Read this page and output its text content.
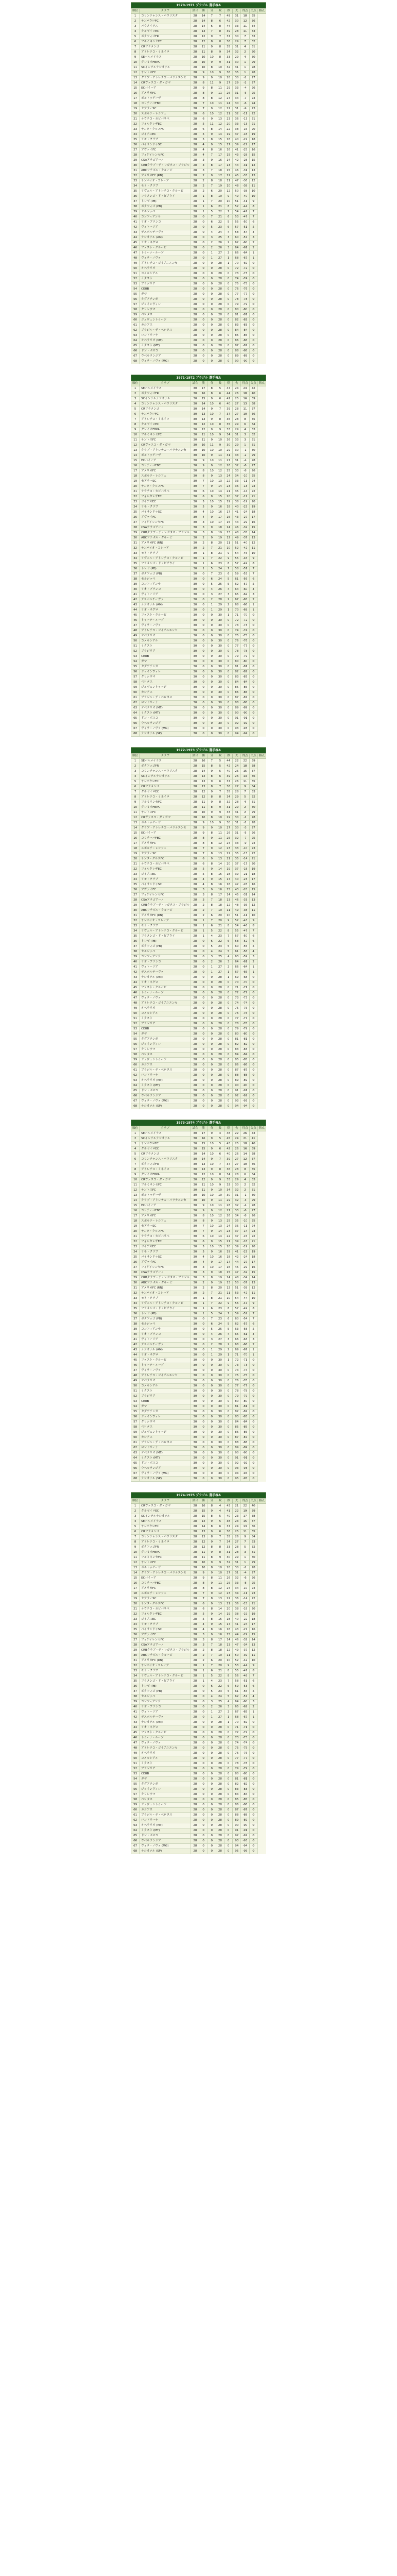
1970-1971 ブラジル 選手権A
順位	クラブ	試合	勝	分	敗	得	失	得点	失点	勝点
1	コリンチャンス・パウリスタ	28	14	7	7	49	31	18	35	
2	サンパウロFC	28	14	8	6	42	30	12	36	
3	パウメイラス	28	14	6	8	44	33	11	34	
4	クルゼイロEC	28	13	7	8	39	28	11	33	
5	ボタフォゴFR	28	12	9	7	37	30	7	33	
6	フルミネンセFC	28	12	8	8	36	29	7	32	
7	CRフラメンゴ	28	11	9	8	35	31	4	31	
8	アトレチコ・ミネイロ	28	11	8	9	34	32	2	30	
9	SEパルメイラス	28	10	10	8	33	29	4	30	
10	グレミオFBPA	28	10	9	9	31	30	1	29	
11	SCインテルナシオナル	28	10	8	10	32	31	1	28	
12	サントスFC	28	9	10	9	36	35	1	28	
13	クラブ・アトレチコ・パラナエンセ	28	9	9	10	28	30	-2	27	
14	CRヴァスコ・ダ・ガマ	28	8	11	9	27	29	-2	27	
15	ECバイーア	28	9	8	11	29	33	-4	26	
16	アメリカFC	28	8	9	11	26	31	-5	25	
17	ポルトゥゲーザ	28	8	8	12	27	34	-7	24	
18	コリチーバFBC	28	7	10	11	24	30	-6	24	
19	セアラーSC	28	7	9	12	22	31	-9	23	
20	スポルチ・レシフェ	28	6	10	12	21	32	-11	22	
21	ナウチコ・カピバリベ	28	6	9	13	23	36	-13	21	
22	フォルタレザEC	28	5	11	12	20	33	-13	21	
23	サンタ・クルスFC	28	6	8	14	22	38	-16	20	
24	ゴイアスEC	28	5	9	14	19	37	-18	19	
25	リモ・クラブ	28	5	8	15	18	40	-22	18	
26	パイサンドゥSC	28	4	9	15	17	39	-22	17	
27	アヴァイFC	28	4	8	16	16	41	-25	16	
28	フィゲイレンセFC	28	4	7	17	15	43	-28	15	
29	CSAアラゴアーノ	28	3	9	16	14	42	-28	15	
30	CRBクラブ・デ・レガタス・ブラジル	28	3	8	17	13	44	-31	14	
31	ABCフチボル・クルービ	28	3	7	18	15	46	-31	13	
32	アメリカFC (RN)	28	2	9	17	12	45	-33	13	
33	サンパイオ・コレーア	28	2	8	18	11	47	-36	12	
34	モト・クラブ	28	2	7	19	10	48	-38	11	
35	リヴェル・アトレチコ・クルービ	28	2	6	20	12	50	-38	10	
36	フラメンゴ・ド・ピアウイ	28	1	8	19	9	49	-40	10	
37	トレゼ (PB)	28	1	7	20	10	51	-41	9	
38	ボタフォゴ (PB)	28	1	6	21	8	52	-44	8	
39	セルジッペ	28	1	5	22	7	54	-47	7	
40	コンフィアンサ	28	0	7	21	6	53	-47	7	
41	リオ・ブランコ	28	0	6	22	5	55	-50	6	
42	ヴィトーリア	28	0	5	23	6	57	-51	5	
43	デスポルチーヴァ	28	0	4	24	4	58	-54	4	
44	ナシオナル (AM)	28	0	3	25	3	60	-57	3	
45	リオ・ネグロ	28	0	2	26	2	62	-60	2	
46	ファスト・クルービ	28	0	2	26	3	64	-61	2	
47	トゥーナ・ルーゾ	28	0	1	27	2	66	-64	1	
48	ヴィラ・ノヴァ	28	0	1	27	1	68	-67	1	
49	アトレチコ・ゴイアニエンセ	28	0	0	28	1	70	-69	0	
50	オペラリオ	28	0	0	28	0	72	-72	0	
51	コメルシアル	28	0	0	28	0	73	-73	0	
52	ミクスト	28	0	0	28	0	74	-74	0	
53	ブラジリア	28	0	0	28	0	75	-75	0	
54	CEUB	28	0	0	28	0	76	-76	0	
55	ガマ	28	0	0	28	0	77	-77	0	
56	タグアチンガ	28	0	0	28	0	78	-78	0	
57	ジョインヴィレ	28	0	0	28	0	79	-79	0	
58	クリシウマ	28	0	0	28	0	80	-80	0	
59	ペロタス	28	0	0	28	0	81	-81	0	
60	ジュヴェントゥージ	28	0	0	28	0	82	-82	0	
61	カシアス	28	0	0	28	0	83	-83	0	
62	ブラジル・デ・ペロタス	28	0	0	28	0	84	-84	0	
63	ロンドリーナ	28	0	0	28	0	85	-85	0	
64	オペラリオ (MT)	28	0	0	28	0	86	-86	0	
65	ミクスト (MT)	28	0	0	28	0	87	-87	0	
66	ドン・ボスコ	28	0	0	28	0	88	-88	0	
67	ウベルランジア	28	0	0	28	0	89	-89	0	
68	ヴィラ・ノヴァ (MG)	28	0	0	28	0	90	-90	0	
1971-1972 ブラジル 選手権A
順位	クラブ	試合	勝	分	敗	得	失	得点	失点	勝点
1	SEパルメイラス	30	17	8	5	47	24	23	42	
2	ボタフォゴFR	30	16	8	6	44	26	18	40	
3	SCインテルナシオナル	30	15	9	6	41	25	16	39	
4	コリンチャンス・パウリスタ	30	14	10	6	40	27	13	38	
5	CRフラメンゴ	30	14	9	7	39	28	11	37	
6	サンパウロFC	30	13	10	7	37	27	10	36	
7	アトレチコ・ミネイロ	30	13	9	8	36	28	8	35	
8	クルゼイロEC	30	12	10	8	35	29	6	34	
9	グレミオFBPA	30	12	9	9	33	29	4	33	
10	フルミネンセFC	30	11	10	9	34	31	3	32	
11	サントスFC	30	11	9	10	36	33	3	31	
12	CRヴァスコ・ダ・ガマ	30	10	11	9	30	29	1	31	
13	クラブ・アトレチコ・パラナエンセ	30	10	10	10	29	30	-1	30	
14	ポルトゥゲーザ	30	10	9	11	31	33	-2	29	
15	ECバイーア	30	9	10	11	27	31	-4	28	
16	コリチーバFBC	30	9	9	12	26	32	-6	27	
17	アメリカFC	30	8	10	12	25	33	-8	26	
18	スポルチ・レシフェ	30	8	9	13	24	34	-10	25	
19	セアラーSC	30	7	10	13	22	33	-11	24	
20	サンタ・クルスFC	30	7	9	14	23	36	-13	23	
21	ナウチコ・カピバリベ	30	6	10	14	21	35	-14	22	
22	フォルタレザEC	30	6	9	15	20	37	-17	21	
23	ゴイアスEC	30	5	10	15	19	38	-19	20	
24	リモ・クラブ	30	5	9	16	18	40	-22	19	
25	パイサンドゥSC	30	4	10	16	17	41	-24	18	
26	アヴァイFC	30	4	9	17	16	43	-27	17	
27	フィゲイレンセFC	30	3	10	17	15	44	-29	16	
28	CSAアラゴアーノ	30	3	9	18	14	46	-32	15	
29	CRBクラブ・デ・レガタス・ブラジル	30	3	8	19	13	48	-35	14	
30	ABCフチボル・クルービ	30	2	9	19	12	49	-37	13	
31	アメリカFC (RN)	30	2	8	20	11	51	-40	12	
32	サンパイオ・コレーア	30	2	7	21	10	52	-42	11	
33	モト・クラブ	30	1	8	21	9	54	-45	10	
34	リヴェル・アトレチコ・クルービ	30	1	7	22	9	55	-46	9	
35	フラメンゴ・ド・ピアウイ	30	1	6	23	8	57	-49	8	
36	トレゼ (PB)	30	1	5	24	7	58	-51	7	
37	ボタフォゴ (PB)	30	0	7	23	6	59	-53	7	
38	セルジッペ	30	0	6	24	5	61	-56	6	
39	コンフィアンサ	30	0	5	25	5	62	-57	5	
40	リオ・ブランコ	30	0	4	26	4	64	-60	4	
41	ヴィトーリア	30	0	3	27	3	65	-62	3	
42	デスポルチーヴァ	30	0	2	28	2	67	-65	2	
43	ナシオナル (AM)	30	0	1	29	2	68	-66	1	
44	リオ・ネグロ	30	0	1	29	1	70	-69	1	
45	ファスト・クルービ	30	0	0	30	1	71	-70	0	
46	トゥーナ・ルーゾ	30	0	0	30	0	72	-72	0	
47	ヴィラ・ノヴァ	30	0	0	30	0	73	-73	0	
48	アトレチコ・ゴイアニエンセ	30	0	0	30	0	74	-74	0	
49	オペラリオ	30	0	0	30	0	75	-75	0	
50	コメルシアル	30	0	0	30	0	76	-76	0	
51	ミクスト	30	0	0	30	0	77	-77	0	
52	ブラジリア	30	0	0	30	0	78	-78	0	
53	CEUB	30	0	0	30	0	79	-79	0	
54	ガマ	30	0	0	30	0	80	-80	0	
55	タグアチンガ	30	0	0	30	0	81	-81	0	
56	ジョインヴィレ	30	0	0	30	0	82	-82	0	
57	クリシウマ	30	0	0	30	0	83	-83	0	
58	ペロタス	30	0	0	30	0	84	-84	0	
59	ジュヴェントゥージ	30	0	0	30	0	85	-85	0	
60	カシアス	30	0	0	30	0	86	-86	0	
61	ブラジル・デ・ペロタス	30	0	0	30	0	87	-87	0	
62	ロンドリーナ	30	0	0	30	0	88	-88	0	
63	オペラリオ (MT)	30	0	0	30	0	89	-89	0	
64	ミクスト (MT)	30	0	0	30	0	90	-90	0	
65	ドン・ボスコ	30	0	0	30	0	91	-91	0	
66	ウベルランジア	30	0	0	30	0	92	-92	0	
67	ヴィラ・ノヴァ (MG)	30	0	0	30	0	93	-93	0	
68	ナシオナル (SP)	30	0	0	30	0	94	-94	0	
1972-1973 ブラジル 選手権A
順位	クラブ	試合	勝	分	敗	得	失	得点	失点	勝点
1	SEパルメイラス	28	16	7	5	44	22	22	39	
2	ボタフォゴFR	28	15	8	5	42	24	18	38	
3	コリンチャンス・パウリスタ	28	14	9	5	40	25	15	37	
4	SCインテルナシオナル	28	14	8	6	39	26	13	36	
5	サンパウロFC	28	13	9	6	37	26	11	35	
6	CRフラメンゴ	28	13	8	7	36	27	9	34	
7	クルゼイロEC	28	12	9	7	35	28	7	33	
8	アトレチコ・ミネイロ	28	12	8	8	34	29	5	32	
9	フルミネンセFC	28	11	9	8	32	28	4	31	
10	グレミオFBPA	28	11	8	9	31	29	2	30	
11	サントスFC	28	10	9	9	33	31	2	29	
12	CRヴァスコ・ダ・ガマ	28	10	8	10	29	30	-1	28	
13	ポルトゥゲーザ	28	9	10	9	30	31	-1	28	
14	クラブ・アトレチコ・パラナエンセ	28	9	9	10	27	30	-3	27	
15	ECバイーア	28	9	8	11	26	31	-5	26	
16	コリチーバFBC	28	8	9	11	25	32	-7	25	
17	アメリカFC	28	8	8	12	24	33	-9	24	
18	スポルチ・レシフェ	28	7	9	12	23	33	-10	23	
19	セアラーSC	28	7	8	13	22	35	-13	22	
20	サンタ・クルスFC	28	6	9	13	21	35	-14	21	
21	ナウチコ・カピバリベ	28	6	8	14	20	37	-17	20	
22	フォルタレザEC	28	5	9	14	19	37	-18	19	
23	ゴイアスEC	28	5	8	15	18	39	-21	18	
24	リモ・クラブ	28	4	9	15	17	40	-23	17	
25	パイサンドゥSC	28	4	8	16	16	42	-26	16	
26	アヴァイFC	28	3	9	16	15	43	-28	15	
27	フィゲイレンセFC	28	3	8	17	14	45	-31	14	
28	CSAアラゴアーノ	28	3	7	18	13	46	-33	13	
29	CRBクラブ・デ・レガタス・ブラジル	28	2	8	18	12	48	-36	12	
30	ABCフチボル・クルービ	28	2	7	19	11	49	-38	11	
31	アメリカFC (RN)	28	2	6	20	10	51	-41	10	
32	サンパイオ・コレーア	28	1	7	20	9	52	-43	9	
33	モト・クラブ	28	1	6	21	8	54	-46	8	
34	リヴェル・アトレチコ・クルービ	28	1	5	22	8	55	-47	7	
35	フラメンゴ・ド・ピアウイ	28	1	4	23	7	57	-50	6	
36	トレゼ (PB)	28	0	6	22	6	58	-52	6	
37	ボタフォゴ (PB)	28	0	5	23	5	60	-55	5	
38	セルジッペ	28	0	4	24	5	61	-56	4	
39	コンフィアンサ	28	0	3	25	4	63	-59	3	
40	リオ・ブランコ	28	0	2	26	3	64	-61	2	
41	ヴィトーリア	28	0	1	27	2	66	-64	1	
42	デスポルチーヴァ	28	0	1	27	1	67	-66	1	
43	ナシオナル (AM)	28	0	0	28	1	69	-68	0	
44	リオ・ネグロ	28	0	0	28	0	70	-70	0	
45	ファスト・クルービ	28	0	0	28	0	71	-71	0	
46	トゥーナ・ルーゾ	28	0	0	28	0	72	-72	0	
47	ヴィラ・ノヴァ	28	0	0	28	0	73	-73	0	
48	アトレチコ・ゴイアニエンセ	28	0	0	28	0	74	-74	0	
49	オペラリオ	28	0	0	28	0	75	-75	0	
50	コメルシアル	28	0	0	28	0	76	-76	0	
51	ミクスト	28	0	0	28	0	77	-77	0	
52	ブラジリア	28	0	0	28	0	78	-78	0	
53	CEUB	28	0	0	28	0	79	-79	0	
54	ガマ	28	0	0	28	0	80	-80	0	
55	タグアチンガ	28	0	0	28	0	81	-81	0	
56	ジョインヴィレ	28	0	0	28	0	82	-82	0	
57	クリシウマ	28	0	0	28	0	83	-83	0	
58	ペロタス	28	0	0	28	0	84	-84	0	
59	ジュヴェントゥージ	28	0	0	28	0	85	-85	0	
60	カシアス	28	0	0	28	0	86	-86	0	
61	ブラジル・デ・ペロタス	28	0	0	28	0	87	-87	0	
62	ロンドリーナ	28	0	0	28	0	88	-88	0	
63	オペラリオ (MT)	28	0	0	28	0	89	-89	0	
64	ミクスト (MT)	28	0	0	28	0	90	-90	0	
65	ドン・ボスコ	28	0	0	28	0	91	-91	0	
66	ウベルランジア	28	0	0	28	0	92	-92	0	
67	ヴィラ・ノヴァ (MG)	28	0	0	28	0	93	-93	0	
68	ナシオナル (SP)	28	0	0	28	0	94	-94	0	
1973-1974 ブラジル 選手権A
順位	クラブ	試合	勝	分	敗	得	失	得点	失点	勝点
1	SEパルメイラス	30	17	9	4	48	22	26	43	
2	SCインテルナシオナル	30	16	9	5	45	24	21	41	
3	サンパウロFC	30	15	10	5	43	25	18	40	
4	クルゼイロEC	30	15	9	6	42	26	16	39	
5	CRフラメンゴ	30	14	10	6	40	26	14	38	
6	コリンチャンス・パウリスタ	30	14	9	7	39	27	12	37	
7	ボタフォゴFR	30	13	10	7	37	27	10	36	
8	アトレチコ・ミネイロ	30	13	9	8	36	28	8	35	
9	グレミオFBPA	30	12	10	8	34	28	6	34	
10	CRヴァスコ・ダ・ガマ	30	12	9	9	33	29	4	33	
11	フルミネンセFC	30	11	10	9	32	30	2	32	
12	サントスFC	30	11	9	10	34	32	2	31	
13	ポルトゥゲーザ	30	10	10	10	30	31	-1	30	
14	クラブ・アトレチコ・パラナエンセ	30	10	9	11	29	32	-3	29	
15	ECバイーア	30	9	10	11	28	32	-4	28	
16	コリチーバFBC	30	9	9	12	27	33	-6	27	
17	アメリカFC	30	8	10	12	26	34	-8	26	
18	スポルチ・レシフェ	30	8	9	13	25	35	-10	25	
19	セアラーSC	30	7	10	13	24	35	-11	24	
20	サンタ・クルスFC	30	7	9	14	23	37	-14	23	
21	ナウチコ・カピバリベ	30	6	10	14	22	37	-15	22	
22	フォルタレザEC	30	6	9	15	21	39	-18	21	
23	ゴイアスEC	30	5	10	15	20	39	-19	20	
24	リモ・クラブ	30	5	9	16	19	41	-22	19	
25	パイサンドゥSC	30	4	10	16	18	42	-24	18	
26	アヴァイFC	30	4	9	17	17	44	-27	17	
27	フィゲイレンセFC	30	3	10	17	16	45	-29	16	
28	CSAアラゴアーノ	30	3	9	18	15	47	-32	15	
29	CRBクラブ・デ・レガタス・ブラジル	30	3	8	19	14	48	-34	14	
30	ABCフチボル・クルービ	30	2	9	19	13	50	-37	13	
31	アメリカFC (RN)	30	2	8	20	12	51	-39	12	
32	サンパイオ・コレーア	30	2	7	21	11	53	-42	11	
33	モト・クラブ	30	1	8	21	10	54	-44	10	
34	リヴェル・アトレチコ・クルービ	30	1	7	22	9	56	-47	9	
35	フラメンゴ・ド・ピアウイ	30	1	6	23	8	57	-49	8	
36	トレゼ (PB)	30	1	5	24	7	59	-52	7	
37	ボタフォゴ (PB)	30	0	7	23	6	60	-54	7	
38	セルジッペ	30	0	6	24	5	62	-57	6	
39	コンフィアンサ	30	0	5	25	5	63	-58	5	
40	リオ・ブランコ	30	0	4	26	4	65	-61	4	
41	ヴィトーリア	30	0	3	27	3	66	-63	3	
42	デスポルチーヴァ	30	0	2	28	2	68	-66	2	
43	ナシオナル (AM)	30	0	1	29	2	69	-67	1	
44	リオ・ネグロ	30	0	1	29	1	71	-70	1	
45	ファスト・クルービ	30	0	0	30	1	72	-71	0	
46	トゥーナ・ルーゾ	30	0	0	30	0	73	-73	0	
47	ヴィラ・ノヴァ	30	0	0	30	0	74	-74	0	
48	アトレチコ・ゴイアニエンセ	30	0	0	30	0	75	-75	0	
49	オペラリオ	30	0	0	30	0	76	-76	0	
50	コメルシアル	30	0	0	30	0	77	-77	0	
51	ミクスト	30	0	0	30	0	78	-78	0	
52	ブラジリア	30	0	0	30	0	79	-79	0	
53	CEUB	30	0	0	30	0	80	-80	0	
54	ガマ	30	0	0	30	0	81	-81	0	
55	タグアチンガ	30	0	0	30	0	82	-82	0	
56	ジョインヴィレ	30	0	0	30	0	83	-83	0	
57	クリシウマ	30	0	0	30	0	84	-84	0	
58	ペロタス	30	0	0	30	0	85	-85	0	
59	ジュヴェントゥージ	30	0	0	30	0	86	-86	0	
60	カシアス	30	0	0	30	0	87	-87	0	
61	ブラジル・デ・ペロタス	30	0	0	30	0	88	-88	0	
62	ロンドリーナ	30	0	0	30	0	89	-89	0	
63	オペラリオ (MT)	30	0	0	30	0	90	-90	0	
64	ミクスト (MT)	30	0	0	30	0	91	-91	0	
65	ドン・ボスコ	30	0	0	30	0	92	-92	0	
66	ウベルランジア	30	0	0	30	0	93	-93	0	
67	ヴィラ・ノヴァ (MG)	30	0	0	30	0	94	-94	0	
68	ナシオナル (SP)	30	0	0	30	0	95	-95	0	
1974-1975 ブラジル 選手権A
順位	クラブ	試合	勝	分	敗	得	失	得点	失点	勝点
1	CRヴァスコ・ダ・ガマ	28	16	8	4	43	21	22	40	
2	クルゼイロEC	28	15	9	4	41	22	19	39	
3	SCインテルナシオナル	28	15	8	5	40	23	17	38	
4	SEパルメイラス	28	14	9	5	38	23	15	37	
5	サンパウロFC	28	14	8	6	37	24	13	36	
6	CRフラメンゴ	28	13	9	6	36	25	11	35	
7	コリンチャンス・パウリスタ	28	13	8	7	35	26	9	34	
8	アトレチコ・ミネイロ	28	12	9	7	34	27	7	33	
9	ボタフォゴFR	28	12	8	8	33	28	5	32	
10	グレミオFBPA	28	11	9	8	31	28	3	31	
11	フルミネンセFC	28	11	8	9	30	29	1	30	
12	サントスFC	28	10	9	9	32	31	1	29	
13	ポルトゥゲーザ	28	10	8	10	28	30	-2	28	
14	クラブ・アトレチコ・パラナエンセ	28	9	9	10	27	31	-4	27	
15	ECバイーア	28	9	8	11	26	32	-6	26	
16	コリチーバFBC	28	8	9	11	25	33	-8	25	
17	アメリカFC	28	8	8	12	24	34	-10	24	
18	スポルチ・レシフェ	28	7	9	12	23	34	-11	23	
19	セアラーSC	28	7	8	13	22	36	-14	22	
20	サンタ・クルスFC	28	6	9	13	21	36	-15	21	
21	ナウチコ・カピバリベ	28	6	8	14	20	38	-18	20	
22	フォルタレザEC	28	5	9	14	19	38	-19	19	
23	ゴイアスEC	28	5	8	15	18	40	-22	18	
24	リモ・クラブ	28	4	9	15	17	41	-24	17	
25	パイサンドゥSC	28	4	8	16	16	43	-27	16	
26	アヴァイFC	28	3	9	16	15	44	-29	15	
27	フィゲイレンセFC	28	3	8	17	14	46	-32	14	
28	CSAアラゴアーノ	28	3	7	18	13	47	-34	13	
29	CRBクラブ・デ・レガタス・ブラジル	28	2	8	18	12	49	-37	12	
30	ABCフチボル・クルービ	28	2	7	19	11	50	-39	11	
31	アメリカFC (RN)	28	2	6	20	10	52	-42	10	
32	サンパイオ・コレーア	28	1	7	20	9	53	-44	9	
33	モト・クラブ	28	1	6	21	8	55	-47	8	
34	リヴェル・アトレチコ・クルービ	28	1	5	22	8	56	-48	7	
35	フラメンゴ・ド・ピアウイ	28	1	4	23	7	58	-51	6	
36	トレゼ (PB)	28	0	6	22	6	59	-53	6	
37	ボタフォゴ (PB)	28	0	5	23	5	61	-56	5	
38	セルジッペ	28	0	4	24	5	62	-57	4	
39	コンフィアンサ	28	0	3	25	4	64	-60	3	
40	リオ・ブランコ	28	0	2	26	3	65	-62	2	
41	ヴィトーリア	28	0	1	27	2	67	-65	1	
42	デスポルチーヴァ	28	0	1	27	1	68	-67	1	
43	ナシオナル (AM)	28	0	0	28	1	70	-69	0	
44	リオ・ネグロ	28	0	0	28	0	71	-71	0	
45	ファスト・クルービ	28	0	0	28	0	72	-72	0	
46	トゥーナ・ルーゾ	28	0	0	28	0	73	-73	0	
47	ヴィラ・ノヴァ	28	0	0	28	0	74	-74	0	
48	アトレチコ・ゴイアニエンセ	28	0	0	28	0	75	-75	0	
49	オペラリオ	28	0	0	28	0	76	-76	0	
50	コメルシアル	28	0	0	28	0	77	-77	0	
51	ミクスト	28	0	0	28	0	78	-78	0	
52	ブラジリア	28	0	0	28	0	79	-79	0	
53	CEUB	28	0	0	28	0	80	-80	0	
54	ガマ	28	0	0	28	0	81	-81	0	
55	タグアチンガ	28	0	0	28	0	82	-82	0	
56	ジョインヴィレ	28	0	0	28	0	83	-83	0	
57	クリシウマ	28	0	0	28	0	84	-84	0	
58	ペロタス	28	0	0	28	0	85	-85	0	
59	ジュヴェントゥージ	28	0	0	28	0	86	-86	0	
60	カシアス	28	0	0	28	0	87	-87	0	
61	ブラジル・デ・ペロタス	28	0	0	28	0	88	-88	0	
62	ロンドリーナ	28	0	0	28	0	89	-89	0	
63	オペラリオ (MT)	28	0	0	28	0	90	-90	0	
64	ミクスト (MT)	28	0	0	28	0	91	-91	0	
65	ドン・ボスコ	28	0	0	28	0	92	-92	0	
66	ウベルランジア	28	0	0	28	0	93	-93	0	
67	ヴィラ・ノヴァ (MG)	28	0	0	28	0	94	-94	0	
68	ナシオナル (SP)	28	0	0	28	0	95	-95	0	
